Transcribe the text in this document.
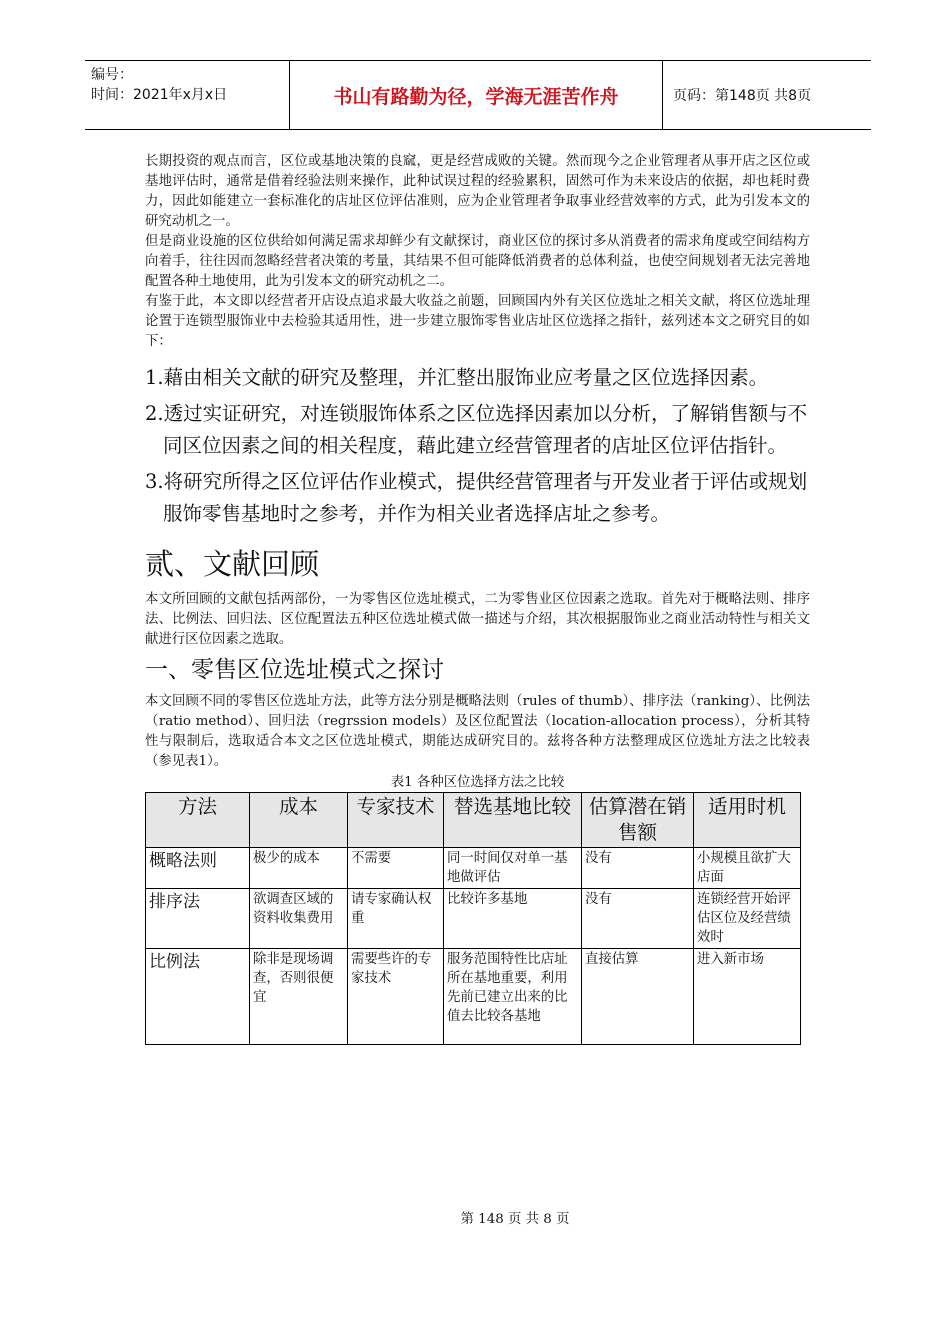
编号：
时间：2021年x月x日	书山有路勤为径，学海无涯苦作舟	页码：第148页 共8页

长期投资的观点而言，区位或基地决策的良窳，更是经营成败的关键。然而现今之企业管理者从事开店之区位或基地评估时，通常是借着经验法则来操作，此种试误过程的经验累积，固然可作为未来设店的依据，却也耗时费力，因此如能建立一套标准化的店址区位评估准则，应为企业管理者争取事业经营效率的方式，此为引发本文的研究动机之一。

但是商业设施的区位供给如何满足需求却鲜少有文献探讨，商业区位的探讨多从消费者的需求角度或空间结构方向着手，往往因而忽略经营者决策的考量，其结果不但可能降低消费者的总体利益，也使空间规划者无法完善地配置各种土地使用，此为引发本文的研究动机之二。

有鉴于此，本文即以经营者开店设点追求最大收益之前题，回顾国内外有关区位选址之相关文献，将区位选址理论置于连锁型服饰业中去检验其适用性，进一步建立服饰零售业店址区位选择之指针，兹列述本文之研究目的如下：

1.藉由相关文献的研究及整理，并汇整出服饰业应考量之区位选择因素。
2.透过实证研究，对连锁服饰体系之区位选择因素加以分析，了解销售额与不同区位因素之间的相关程度，藉此建立经营管理者的店址区位评估指针。
3.将研究所得之区位评估作业模式，提供经营管理者与开发业者于评估或规划服饰零售基地时之参考，并作为相关业者选择店址之参考。
贰、文献回顾

本文所回顾的文献包括两部份，一为零售区位选址模式，二为零售业区位因素之选取。首先对于概略法则、排序法、比例法、回归法、区位配置法五种区位选址模式做一描述与介绍，其次根据服饰业之商业活动特性与相关文献进行区位因素之选取。

一、零售区位选址模式之探讨

本文回顾不同的零售区位选址方法，此等方法分别是概略法则（rules of thumb）、排序法（ranking）、比例法（ratio method）、回归法（regrssion models）及区位配置法（location-allocation process），分析其特性与限制后，选取适合本文之区位选址模式，期能达成研究目的。兹将各种方法整理成区位选址方法之比较表（参见表1）。

表1 各种区位选择方法之比较
方法	成本	专家技术	替选基地比较	估算潜在销售额	适用时机
概略法则	极少的成本	不需要	同一时间仅对单一基地做评估	没有	小规模且欲扩大店面
排序法	欲调查区域的资料收集费用	请专家确认权重	比较许多基地	没有	连锁经营开始评估区位及经营绩效时
比例法	除非是现场调查，否则很便宜	需要些许的专家技术	服务范围特性比店址所在基地重要，利用先前已建立出来的比值去比较各基地	直接估算	进入新市场
第 148 页 共 8 页
